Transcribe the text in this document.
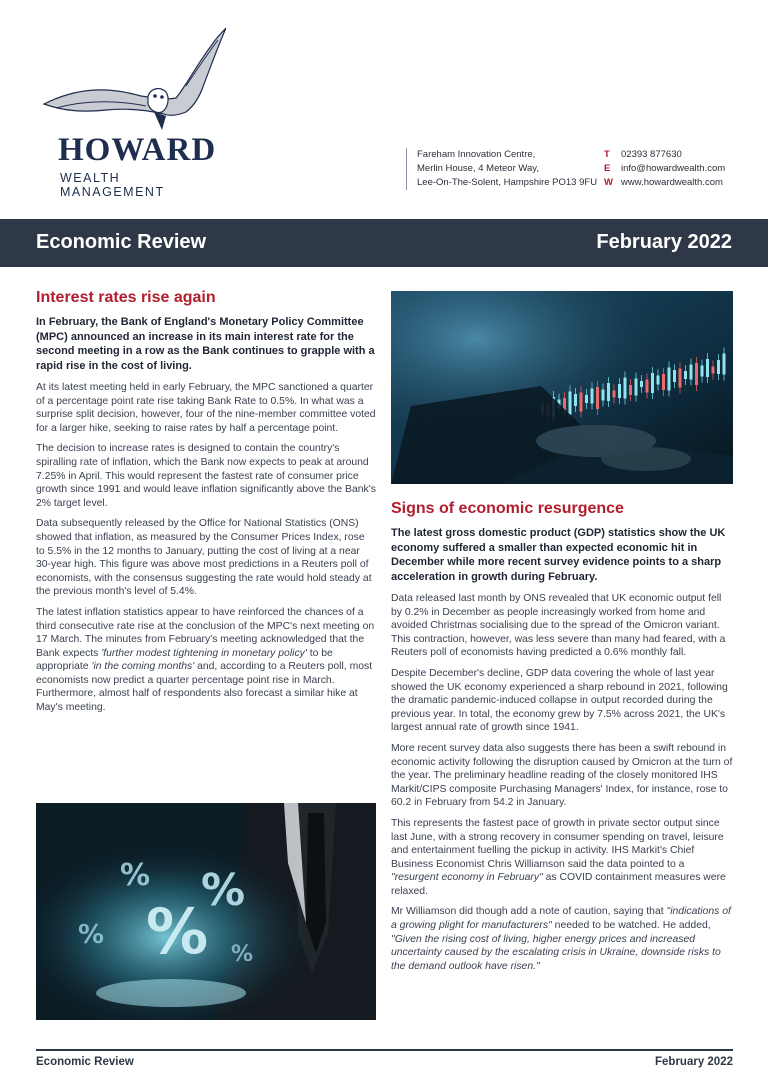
HOWARD
WEALTH MANAGEMENT
Fareham Innovation Centre,
Merlin House, 4 Meteor Way,
Lee-On-The-Solent, Hampshire PO13 9FU
T 02393 877630
E info@howardwealth.com
W www.howardwealth.com
Economic Review	February 2022
Interest rates rise again

In February, the Bank of England's Monetary Policy Committee (MPC) announced an increase in its main interest rate for the second meeting in a row as the Bank continues to grapple with a rapid rise in the cost of living.

At its latest meeting held in early February, the MPC sanctioned a quarter of a percentage point rate rise taking Bank Rate to 0.5%. In what was a surprise split decision, however, four of the nine-member committee voted for a larger hike, seeking to raise rates by half a percentage point.

The decision to increase rates is designed to contain the country's spiralling rate of inflation, which the Bank now expects to peak at around 7.25% in April. This would represent the fastest rate of consumer price growth since 1991 and would leave inflation significantly above the Bank's 2% target level.

Data subsequently released by the Office for National Statistics (ONS) showed that inflation, as measured by the Consumer Prices Index, rose to 5.5% in the 12 months to January, putting the cost of living at a near 30-year high. This figure was above most predictions in a Reuters poll of economists, with the consensus suggesting the rate would hold steady at the previous month's level of 5.4%.

The latest inflation statistics appear to have reinforced the chances of a third consecutive rate rise at the conclusion of the MPC's next meeting on 17 March. The minutes from February's meeting acknowledged that the Bank expects 'further modest tightening in monetary policy' to be appropriate 'in the coming months' and, according to a Reuters poll, most economists now predict a quarter percentage point rise in March. Furthermore, almost half of respondents also forecast a similar hike at May's meeting.

Signs of economic resurgence

The latest gross domestic product (GDP) statistics show the UK economy suffered a smaller than expected economic hit in December while more recent survey evidence points to a sharp acceleration in growth during February.

Data released last month by ONS revealed that UK economic output fell by 0.2% in December as people increasingly worked from home and avoided Christmas socialising due to the spread of the Omicron variant. This contraction, however, was less severe than many had feared, with a Reuters poll of economists having predicted a 0.6% monthly fall.

Despite December's decline, GDP data covering the whole of last year showed the UK economy experienced a sharp rebound in 2021, following the dramatic pandemic-induced collapse in output recorded during the previous year. In total, the economy grew by 7.5% across 2021, the UK's largest annual rate of growth since 1941.

More recent survey data also suggests there has been a swift rebound in economic activity following the disruption caused by Omicron at the turn of the year. The preliminary headline reading of the closely monitored IHS Markit/CIPS composite Purchasing Managers' Index, for instance, rose to 60.2 in February from 54.2 in January.

This represents the fastest pace of growth in private sector output since last June, with a strong recovery in consumer spending on travel, leisure and entertainment fuelling the pickup in activity. IHS Markit's Chief Business Economist Chris Williamson said the data pointed to a "resurgent economy in February" as COVID containment measures were relaxed.

Mr Williamson did though add a note of caution, saying that "indications of a growing plight for manufacturers" needed to be watched. He added, "Given the rising cost of living, higher energy prices and increased uncertainty caused by the escalating crisis in Ukraine, downside risks to the demand outlook have risen."

%
%
%
%
%
Economic Review	February 2022
